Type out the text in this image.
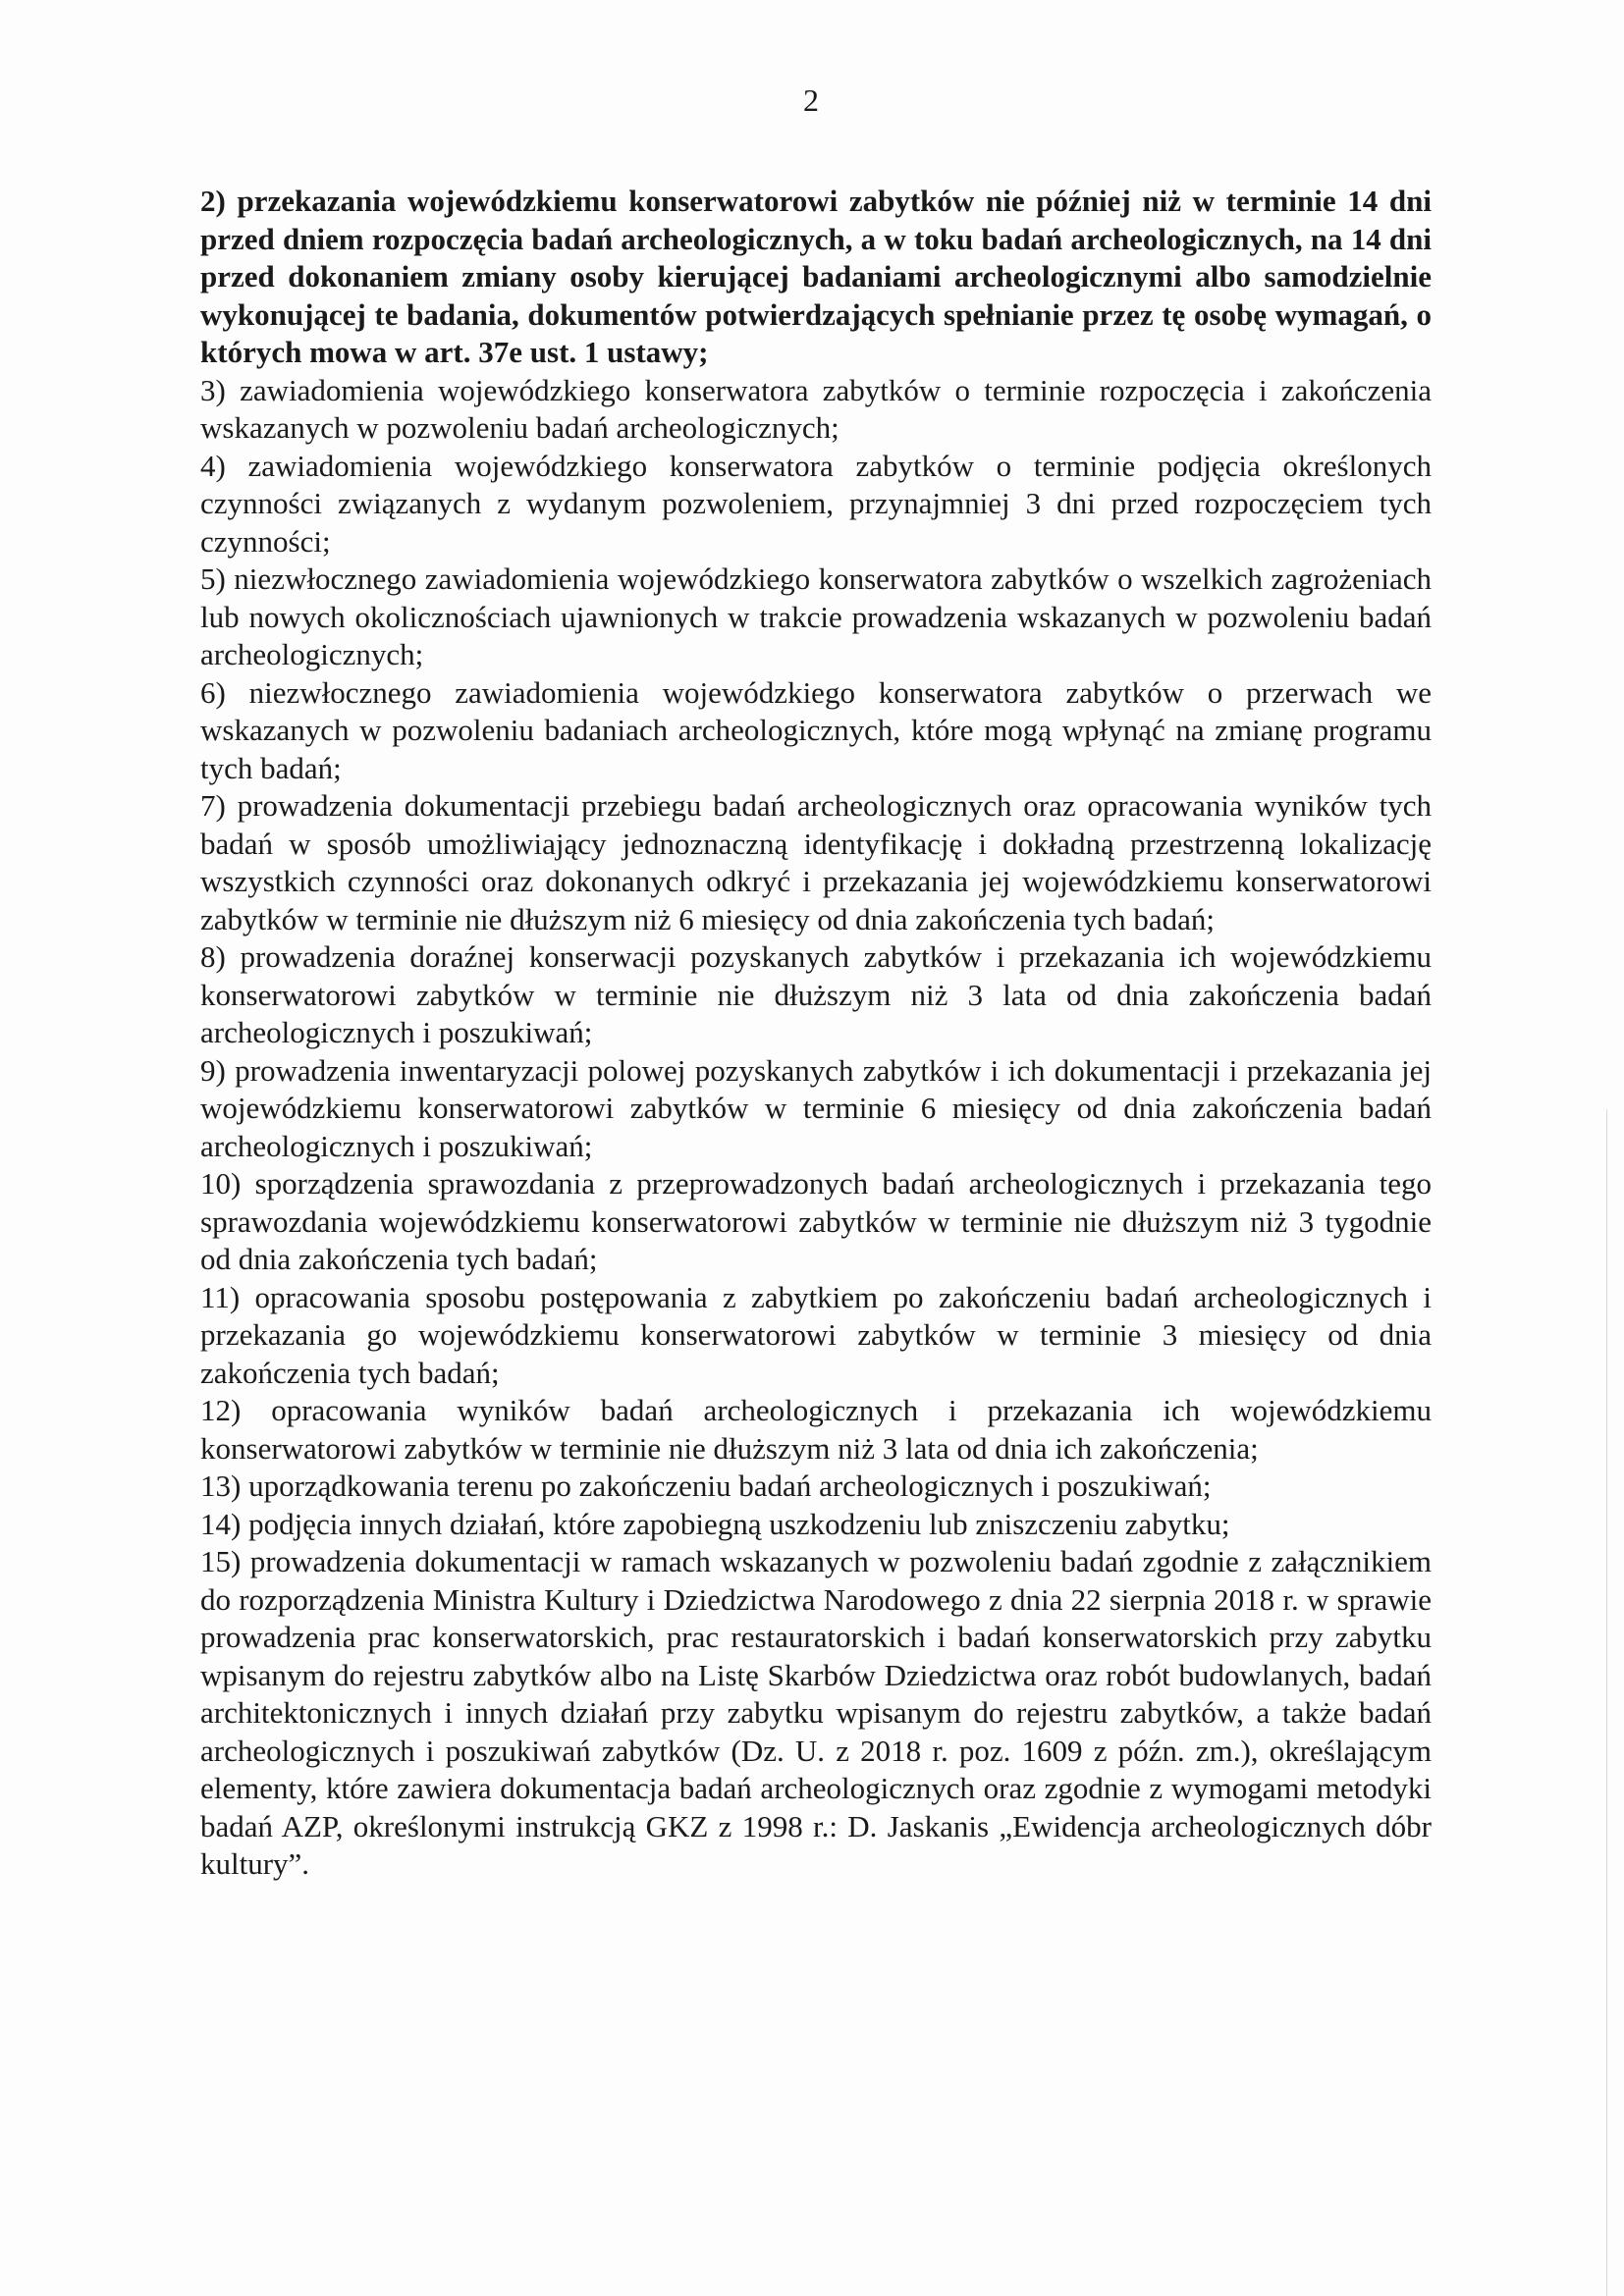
2

2) przekazania wojewódzkiemu konserwatorowi zabytków nie później niż w terminie 14 dni przed dniem rozpoczęcia badań archeologicznych, a w toku badań archeologicznych, na 14 dni przed dokonaniem zmiany osoby kierującej badaniami archeologicznymi albo samodzielnie wykonującej te badania, dokumentów potwierdzających spełnianie przez tę osobę wymagań, o których mowa w art. 37e ust. 1 ustawy;

3) zawiadomienia wojewódzkiego konserwatora zabytków o terminie rozpoczęcia i zakończenia wskazanych w pozwoleniu badań archeologicznych;

4) zawiadomienia wojewódzkiego konserwatora zabytków o terminie podjęcia określonych czynności związanych z wydanym pozwoleniem, przynajmniej 3 dni przed rozpoczęciem tych czynności;

5) niezwłocznego zawiadomienia wojewódzkiego konserwatora zabytków o wszelkich zagrożeniach lub nowych okolicznościach ujawnionych w trakcie prowadzenia wskazanych w pozwoleniu badań archeologicznych;

6) niezwłocznego zawiadomienia wojewódzkiego konserwatora zabytków o przerwach we wskazanych w pozwoleniu badaniach archeologicznych, które mogą wpłynąć na zmianę programu tych badań;

7) prowadzenia dokumentacji przebiegu badań archeologicznych oraz opracowania wyników tych badań w sposób umożliwiający jednoznaczną identyfikację i dokładną przestrzenną lokalizację wszystkich czynności oraz dokonanych odkryć i przekazania jej wojewódzkiemu konserwatorowi zabytków w terminie nie dłuższym niż 6 miesięcy od dnia zakończenia tych badań;

8) prowadzenia doraźnej konserwacji pozyskanych zabytków i przekazania ich wojewódzkiemu konserwatorowi zabytków w terminie nie dłuższym niż 3 lata od dnia zakończenia badań archeologicznych i poszukiwań;

9) prowadzenia inwentaryzacji polowej pozyskanych zabytków i ich dokumentacji i przekazania jej wojewódzkiemu konserwatorowi zabytków w terminie 6 miesięcy od dnia zakończenia badań archeologicznych i poszukiwań;

10) sporządzenia sprawozdania z przeprowadzonych badań archeologicznych i przekazania tego sprawozdania wojewódzkiemu konserwatorowi zabytków w terminie nie dłuższym niż 3 tygodnie od dnia zakończenia tych badań;

11) opracowania sposobu postępowania z zabytkiem po zakończeniu badań archeologicznych i przekazania go wojewódzkiemu konserwatorowi zabytków w terminie 3 miesięcy od dnia zakończenia tych badań;

12) opracowania wyników badań archeologicznych i przekazania ich wojewódzkiemu konserwatorowi zabytków w terminie nie dłuższym niż 3 lata od dnia ich zakończenia;

13) uporządkowania terenu po zakończeniu badań archeologicznych i poszukiwań;

14) podjęcia innych działań, które zapobiegną uszkodzeniu lub zniszczeniu zabytku;

15) prowadzenia dokumentacji w ramach wskazanych w pozwoleniu badań zgodnie z załącznikiem do rozporządzenia Ministra Kultury i Dziedzictwa Narodowego z dnia 22 sierpnia 2018 r. w sprawie prowadzenia prac konserwatorskich, prac restauratorskich i badań konserwatorskich przy zabytku wpisanym do rejestru zabytków albo na Listę Skarbów Dziedzictwa oraz robót budowlanych, badań architektonicznych i innych działań przy zabytku wpisanym do rejestru zabytków, a także badań archeologicznych i poszukiwań zabytków (Dz. U. z 2018 r. poz. 1609 z późn. zm.), określającym elementy, które zawiera dokumentacja badań archeologicznych oraz zgodnie z wymogami metodyki badań AZP, określonymi instrukcją GKZ z 1998 r.: D. Jaskanis „Ewidencja archeologicznych dóbr kultury”.
